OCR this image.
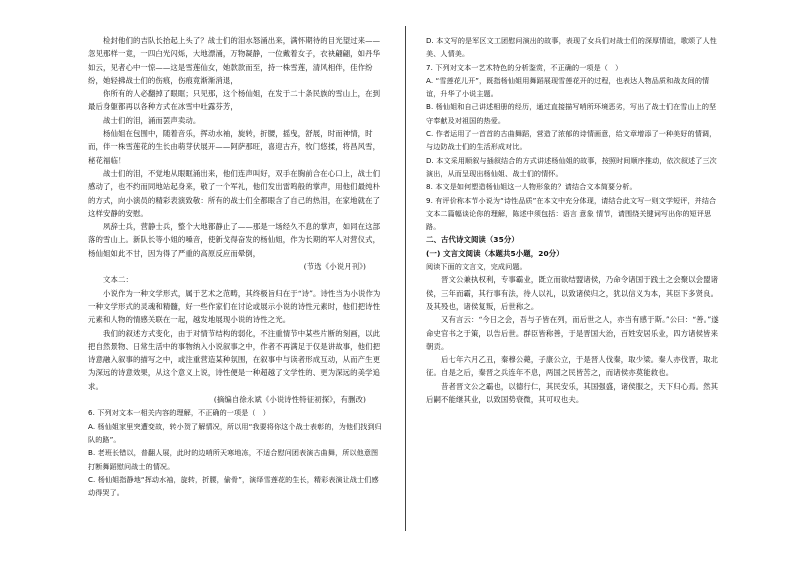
检封他们的吉队长抬起上头了？战士们的泪水怒涌出来，满怀期待的目光望过来——忽见那样一竟，一四白光闪烁，大地漂涌，万物凝静，一位戴着女子，衣袂翩翩，如丹华如云，见者心中一惊——这是雪莲仙女，她款款而至，持一株雪莲，清风相伴，佳作纷纷，她轻拂战士们的伤痕，伤痕竟渐渐消退，

你所有的人必翻掉了眼眶；只见那，这个杨仙姐，在发于二十条民族的雪山上，在到最后身躯都再以各种方式在冰雪中吐露芬芳，

战士们的泪，涌而罢声卖动。

杨仙姐在包围中，随着音乐，挥动水袖，旋转，折腰，摇曳，舒展，时而神情，时而，伴一株雪莲花的生长由萌芽伏展开——阿萨那旺，喜迎古卉，牧门悠揉，将昌风雪，秘花福临！

战士们的泪，不觉地从眼眶涌出来，他们连声叫好，双手在胸前合在心口上，战士们感动了，也不约而同地站起身来，敬了一个军礼，他们发出雷鸣般的掌声，用他们最纯朴的方式，向小演员的精彩表演致敬：所有的战士们全都眼含了自己的热泪，在家地就在了这样安静的安慰。

夙辞士兵，营静士兵，整个大地都静止了——那是一场经久不息的掌声，如同在这部落的雪山上。新队长等小姐的嗓音，使新戈得奋发的杨仙姐，作为长期的军人对营仪式，杨仙姐如此不甘，因为得了严重的高原反应而晕倒，

(节选《小说月刊》)

文本二：

小说作为一种文学形式，属于艺术之范畴，其终极旨归在于“诗”。诗性当为小说作为一种文学形式的灵魂和精髓，好一些作家们在讨论或展示小说的诗性元素时，他们把诗性元素和人物的情感关联在一起，越发地展现小说的诗性之光。

我们的叙述方式变化，由于对情节结构的弱化，不注重情节中某些片断的刻画，以此把自然景物、日常生活中的事物纳入小说叙事之中，作者不再满足于仅是讲故事，他们把诗意融入叙事的描写之中，或注重营造某种氛围，在叙事中与读者形成互动，从而产生更为深远的诗意效果，从这个意义上说，诗性便是一种超越了文学性的、更为深远的美学追求。

(摘编自徐永斌《小说诗性特征初探》，有删改)

6. 下列对文本一相关内容的理解，不正确的一项是（　）

A. 杨仙姐家里突遭变故，转小贺了解情况，所以用“我要将你这个战士表彰的，为他们找到归队的路”。

B. 老班长错以，普翻人展，此时的边哨所天寒地冻，不适合慰问团表演古曲舞，所以他意图打断舞蹈慰问战士的情况。

C. 杨仙姐指静地“挥动水袖，旋转，折腰，偷骨”，演绎雪莲花的生长，精彩表演让战士们感动得哭了。

D. 本文写的是军区文工团慰问演出的故事，表现了女兵们对战士们的深厚情谊，歌颂了人性美、人情美。

7. 下列对文本一艺术特色的分析鉴赏，不正确的一项是（　）

A. “雪莲花儿开”，既指杨仙姐用舞蹈展现雪莲花开的过程，也表达人物品质和战友间的情谊，升华了小说主题。

B. 杨仙姐和自己讲述相册的经历，通过直接描写哨所环境恶劣，写出了战士们在雪山上的坚守奉献及对祖国的热爱。

C. 作者运用了一首首的古曲舞蹈，营造了浓郁的诗情画意，给文章增添了一种美好的情调，与边防战士们的生活形成对比。

D. 本文采用顺叙与插叙结合的方式讲述杨仙姐的故事，按照时间顺序推动，依次叙述了三次演出，从而呈现出杨仙姐、战士们的情怀。

8. 本文是如何塑造杨仙姐这一人物形象的？请结合文本简要分析。

9. 有评价称本节小说为“诗性品质”在本文中充分体现，请结合此文写一则文学短评，并结合文本二篇幅谈论你的理解，陈述中须包括：语言 意象 情节，请围绕关键词写出你的短评思路。

二、古代诗文阅读（35分）

(一) 文言文阅读（本题共5小题，20分）

阅读下面的文言文，完成问题。

晋文公兼执权利，专事霸业，既立而欲结盟诸侯，乃命令诸国于践土之会聚以会盟诸侯，三年而霸，其行事有法，待人以礼，以致诸侯归之，犹以信义为本，其臣下多贤良。及其殁也，诸侯复叛，后世称之。

又有言云：“今日之会，吾与子皆在列，而后世之人，亦当有感于斯。”公曰：“善。”遂命史官书之于策，以告后世。群臣皆称善，于是晋国大治，百姓安居乐业，四方诸侯皆来朝贡。

后七年六月乙丑，秦穆公薨，子康公立，于是晋人伐秦，取少梁。秦人亦伐晋，取北征。自是之后，秦晋之兵连年不息，两国之民皆苦之，而诸侯亦莫能救也。

昔者晋文公之霸也，以德行仁，其民安乐，其国强盛，诸侯服之，天下归心焉。然其后嗣不能继其业，以致国势衰微，其可叹也夫。
